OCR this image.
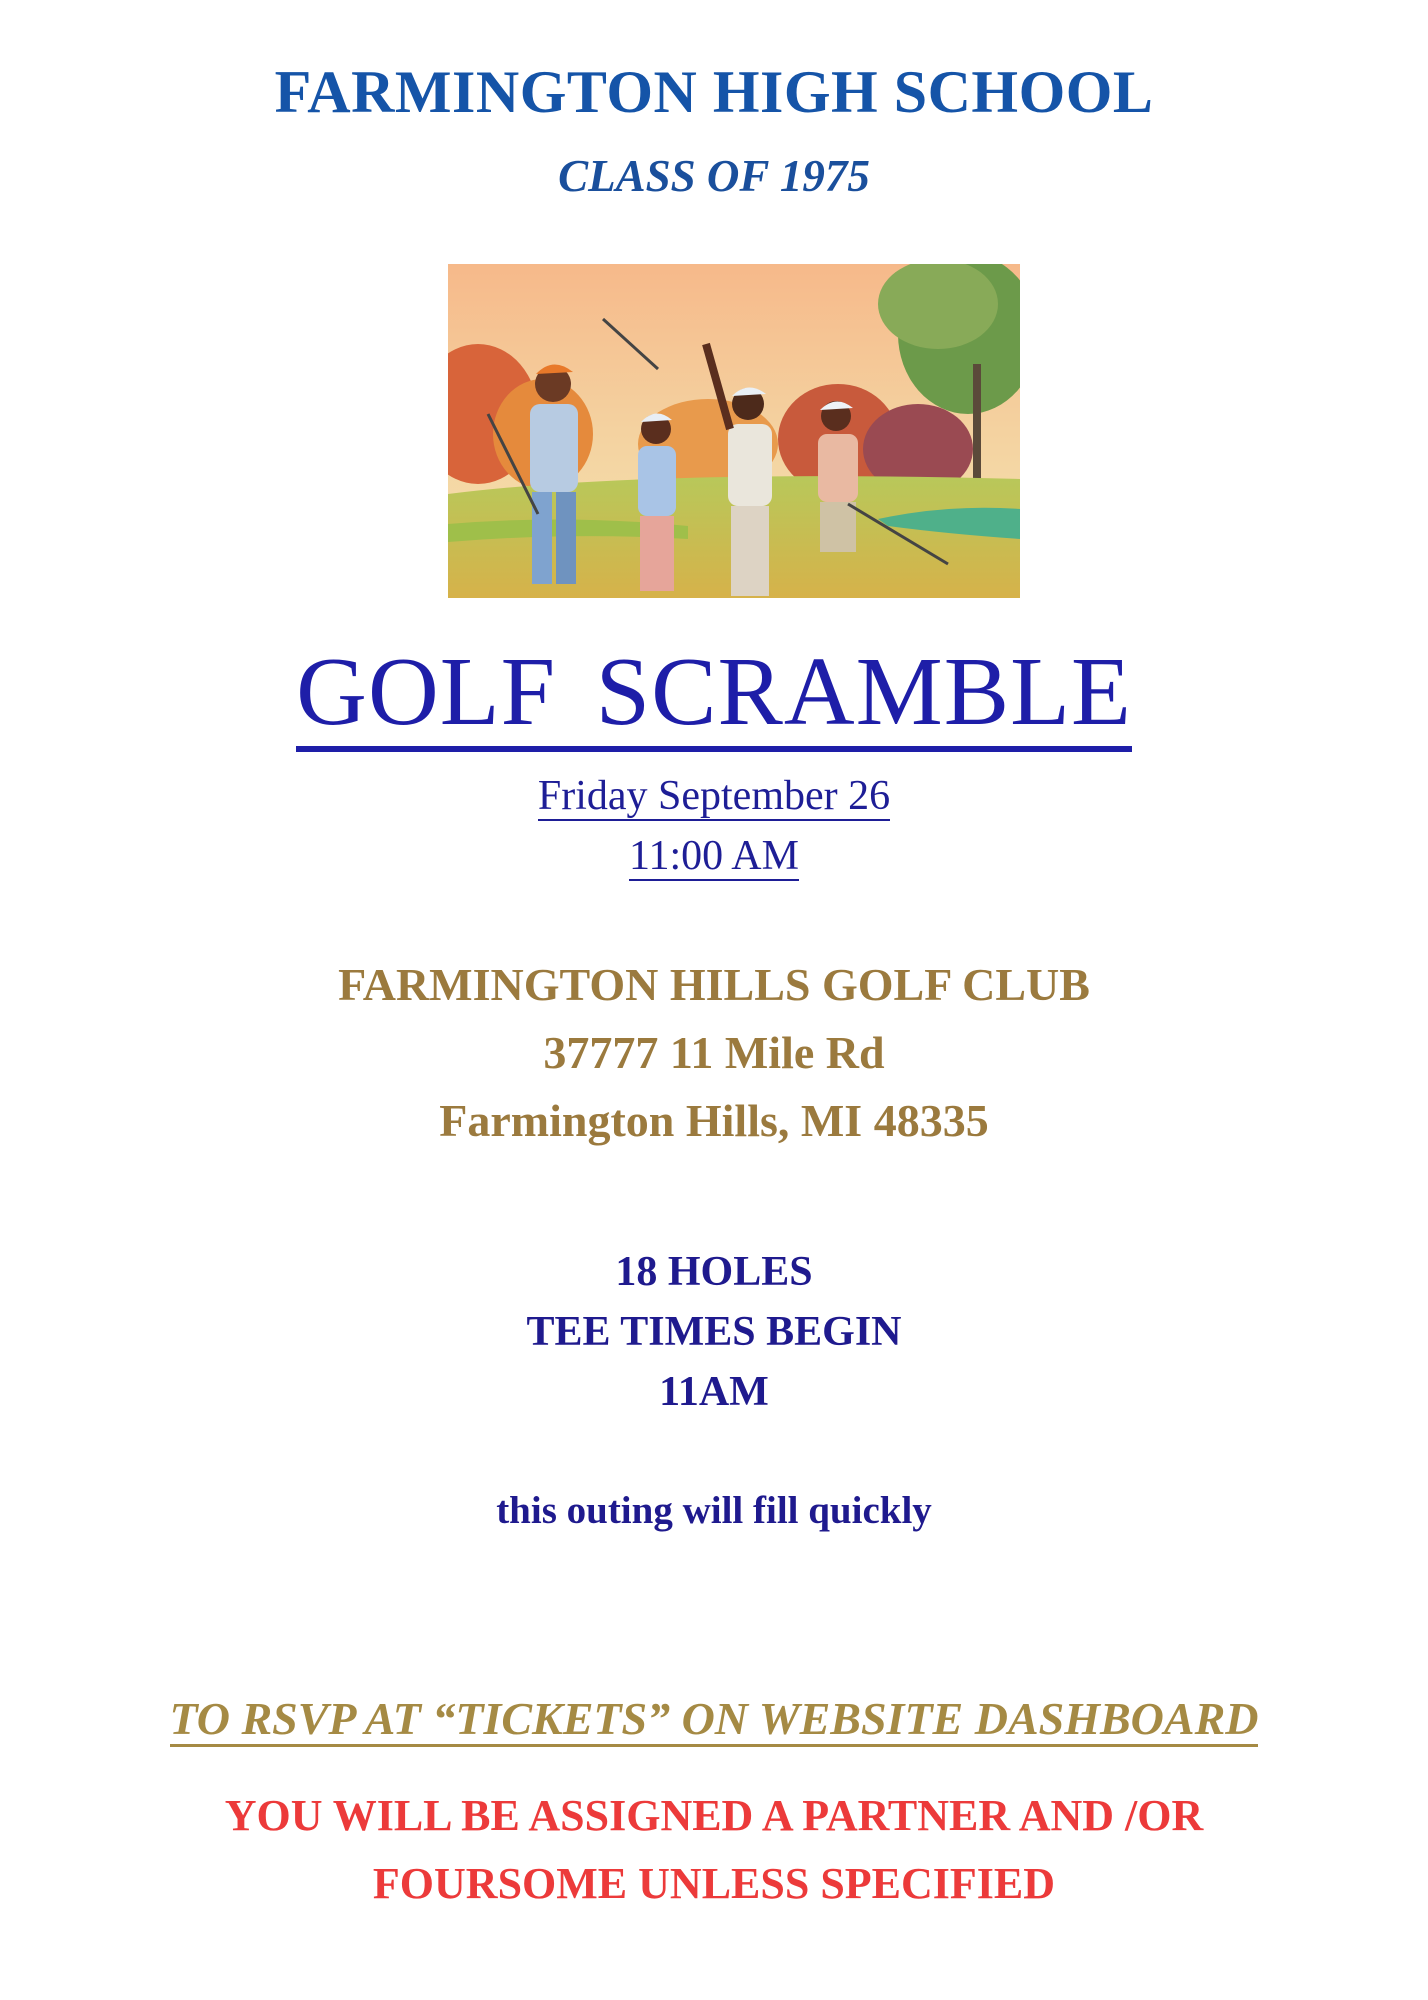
FARMINGTON HIGH SCHOOL
CLASS OF 1975
GOLF SCRAMBLE
Friday September 26
11:00 AM
FARMINGTON HILLS GOLF CLUB
37777 11 Mile Rd
Farmington Hills, MI 48335
18 HOLES
TEE TIMES BEGIN
11AM
this outing will fill quickly
TO RSVP AT “TICKETS” ON WEBSITE DASHBOARD
YOU WILL BE ASSIGNED A PARTNER AND /OR
FOURSOME UNLESS SPECIFIED
